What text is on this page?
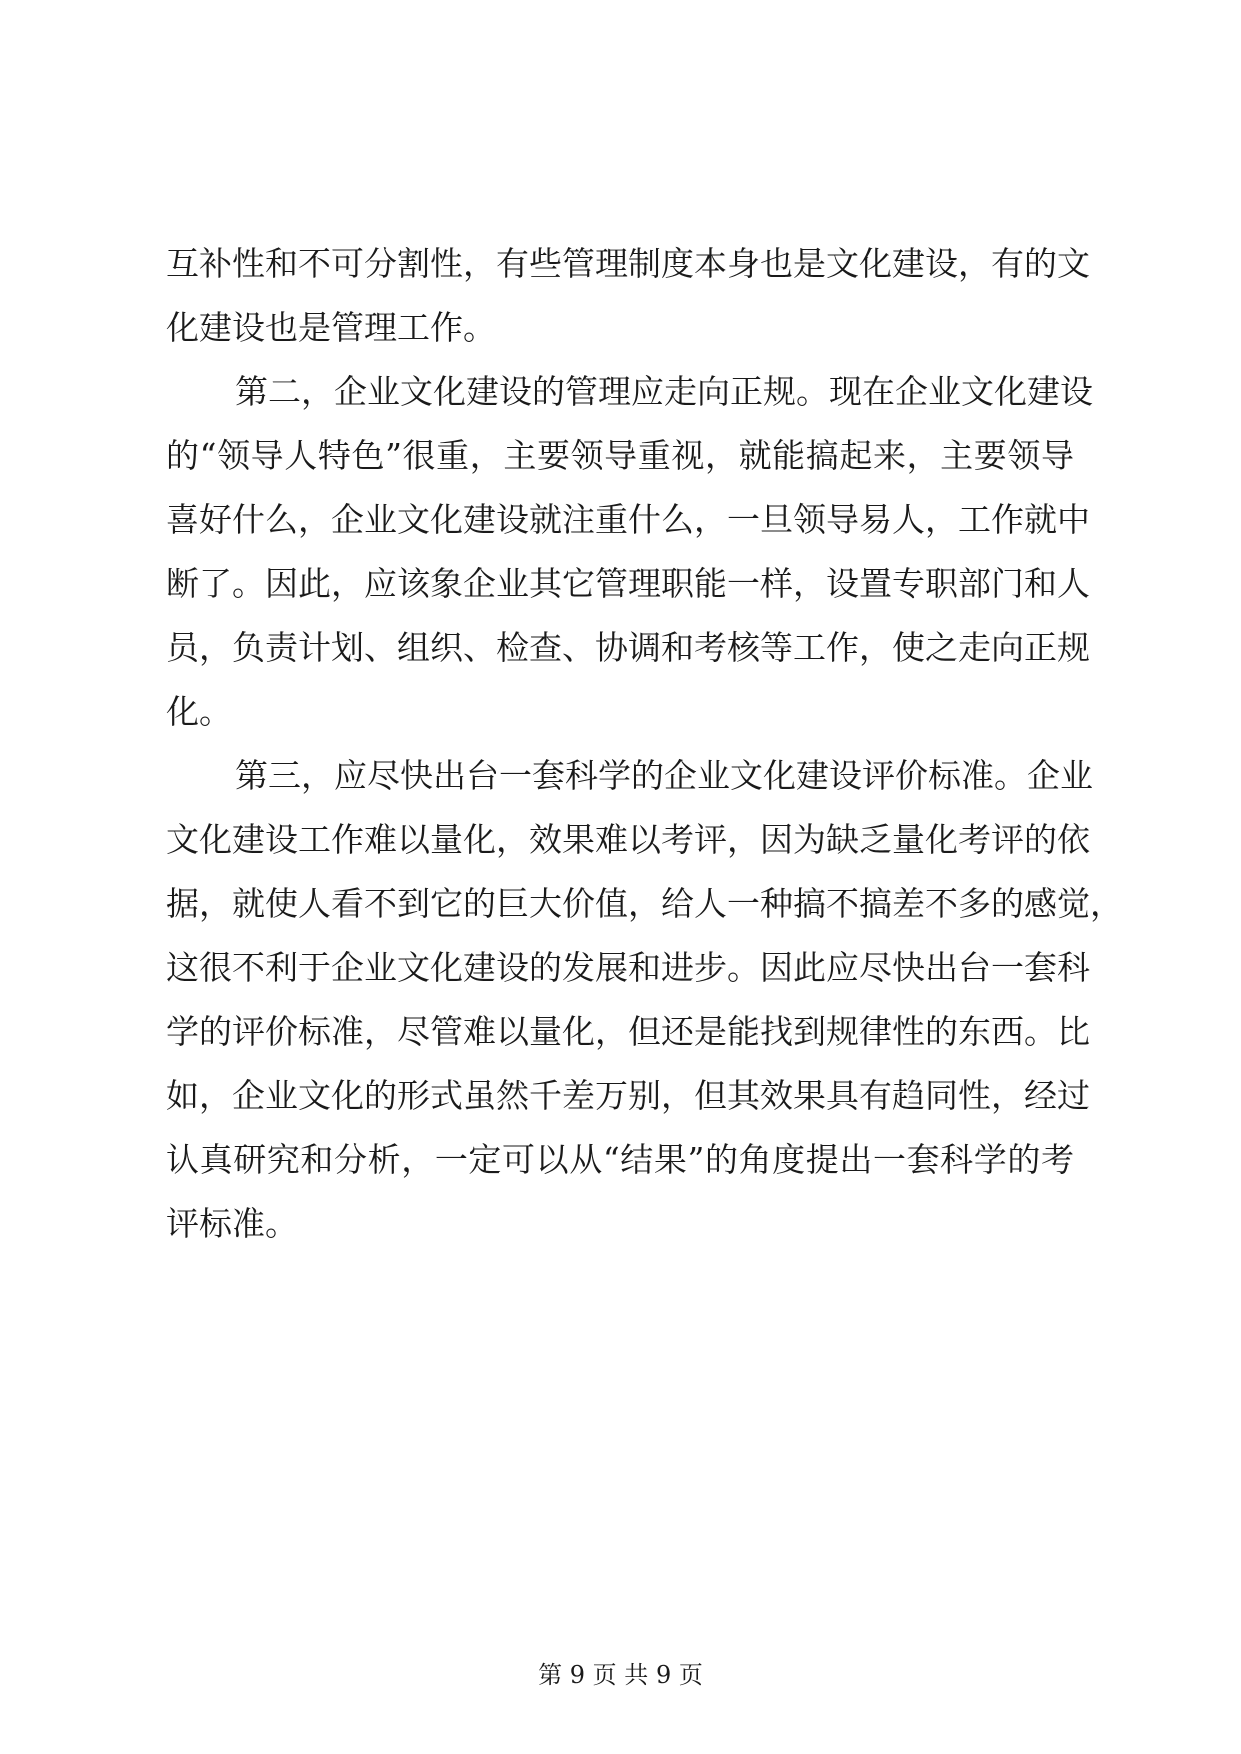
互补性和不可分割性，有些管理制度本身也是文化建设，有的文
化建设也是管理工作。
第二，企业文化建设的管理应走向正规。现在企业文化建设
的“领导人特色”很重，主要领导重视，就能搞起来，主要领导
喜好什么，企业文化建设就注重什么，一旦领导易人，工作就中
断了。因此，应该象企业其它管理职能一样，设置专职部门和人
员，负责计划、组织、检查、协调和考核等工作，使之走向正规
化。
第三，应尽快出台一套科学的企业文化建设评价标准。企业
文化建设工作难以量化，效果难以考评，因为缺乏量化考评的依
据，就使人看不到它的巨大价值，给人一种搞不搞差不多的感觉，
这很不利于企业文化建设的发展和进步。因此应尽快出台一套科
学的评价标准，尽管难以量化，但还是能找到规律性的东西。比
如，企业文化的形式虽然千差万别，但其效果具有趋同性，经过
认真研究和分析，一定可以从“结果”的角度提出一套科学的考
评标准。
第 9 页 共 9 页
